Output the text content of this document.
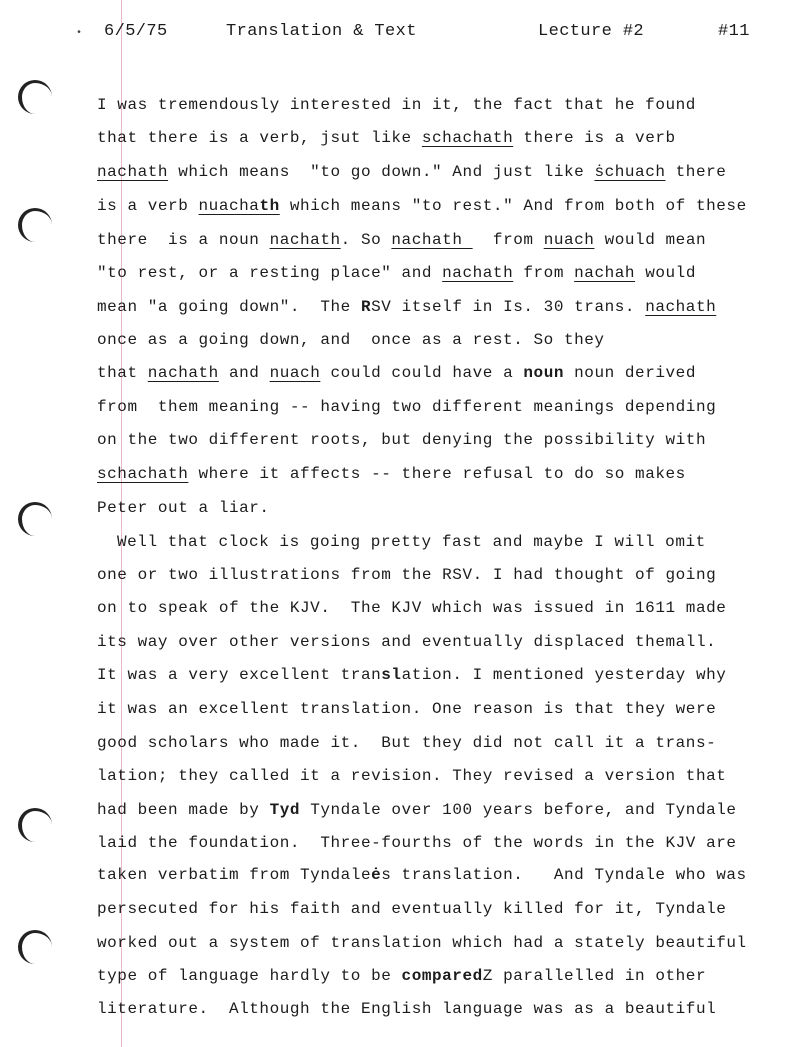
• 6/5/75	Translation & Text	Lecture #2	#11
I was tremendously interested in it, the fact that he found
that there is a verb, jsut like schachath there is a verb
nachath which means  "to go down." And just like ṡchuach there
is a verb nuachath which means "to rest." And from both of these
there  is a noun nachath. So nachath   from nuach would mean
"to rest, or a resting place" and nachath from nachah would
mean "a going down".  The RSV itself in Is. 30 trans. nachath
once as a going down, and  once as a rest. So they
that nachath and nuach could could have a noun noun derived
from  them meaning -- having two different meanings depending
on the two different roots, but denying the possibility with
schachath where it affects -- there refusal to do so makes
Peter out a liar.
Well that clock is going pretty fast and maybe I will omit
one or two illustrations from the RSV. I had thought of going
on to speak of the KJV.  The KJV which was issued in 1611 made
its way over other versions and eventually displaced themall.
It was a very excellent translation. I mentioned yesterday why
it was an excellent translation. One reason is that they were
good scholars who made it.  But they did not call it a trans-
lation; they called it a revision. They revised a version that
had been made by Tyd Tyndale over 100 years before, and Tyndale
laid the foundation.  Three-fourths of the words in the KJV are
taken verbatim from Tyndaleės translation.   And Tyndale who was
persecuted for his faith and eventually killed for it, Tyndale
worked out a system of translation which had a stately beautiful
type of language hardly to be comparedZ parallelled in other
literature.  Although the English language was as a beautiful
